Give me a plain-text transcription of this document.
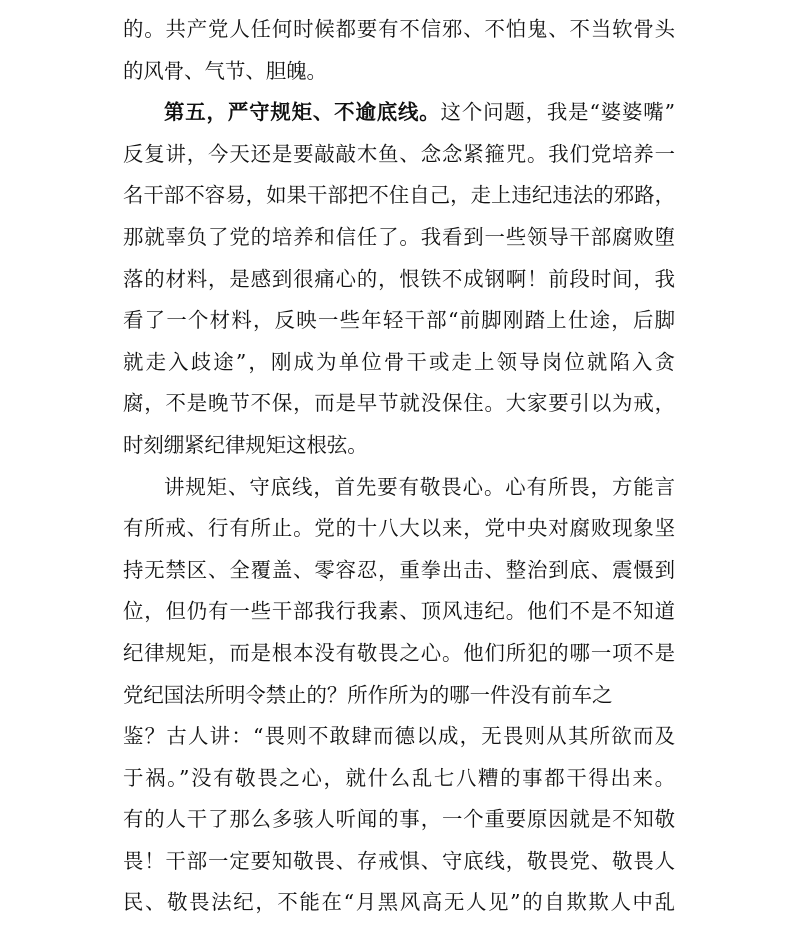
的。共产党人任何时候都要有不信邪、不怕鬼、不当软骨头
的风骨、气节、胆魄。
第五，严守规矩、不逾底线。这个问题，我是“婆婆嘴”
反复讲，今天还是要敲敲木鱼、念念紧箍咒。我们党培养一
名干部不容易，如果干部把不住自己，走上违纪违法的邪路，
那就辜负了党的培养和信任了。我看到一些领导干部腐败堕
落的材料，是感到很痛心的，恨铁不成钢啊！前段时间，我
看了一个材料，反映一些年轻干部“前脚刚踏上仕途，后脚
就走入歧途”，刚成为单位骨干或走上领导岗位就陷入贪
腐，不是晚节不保，而是早节就没保住。大家要引以为戒，
时刻绷紧纪律规矩这根弦。
讲规矩、守底线，首先要有敬畏心。心有所畏，方能言
有所戒、行有所止。党的十八大以来，党中央对腐败现象坚
持无禁区、全覆盖、零容忍，重拳出击、整治到底、震慑到
位，但仍有一些干部我行我素、顶风违纪。他们不是不知道
纪律规矩，而是根本没有敬畏之心。他们所犯的哪一项不是
党纪国法所明令禁止的？所作所为的哪一件没有前车之
鉴？古人讲：“畏则不敢肆而德以成，无畏则从其所欲而及
于祸。”没有敬畏之心，就什么乱七八糟的事都干得出来。
有的人干了那么多骇人听闻的事，一个重要原因就是不知敬
畏！干部一定要知敬畏、存戒惧、守底线，敬畏党、敬畏人
民、敬畏法纪，不能在“月黑风高无人见”的自欺欺人中乱
